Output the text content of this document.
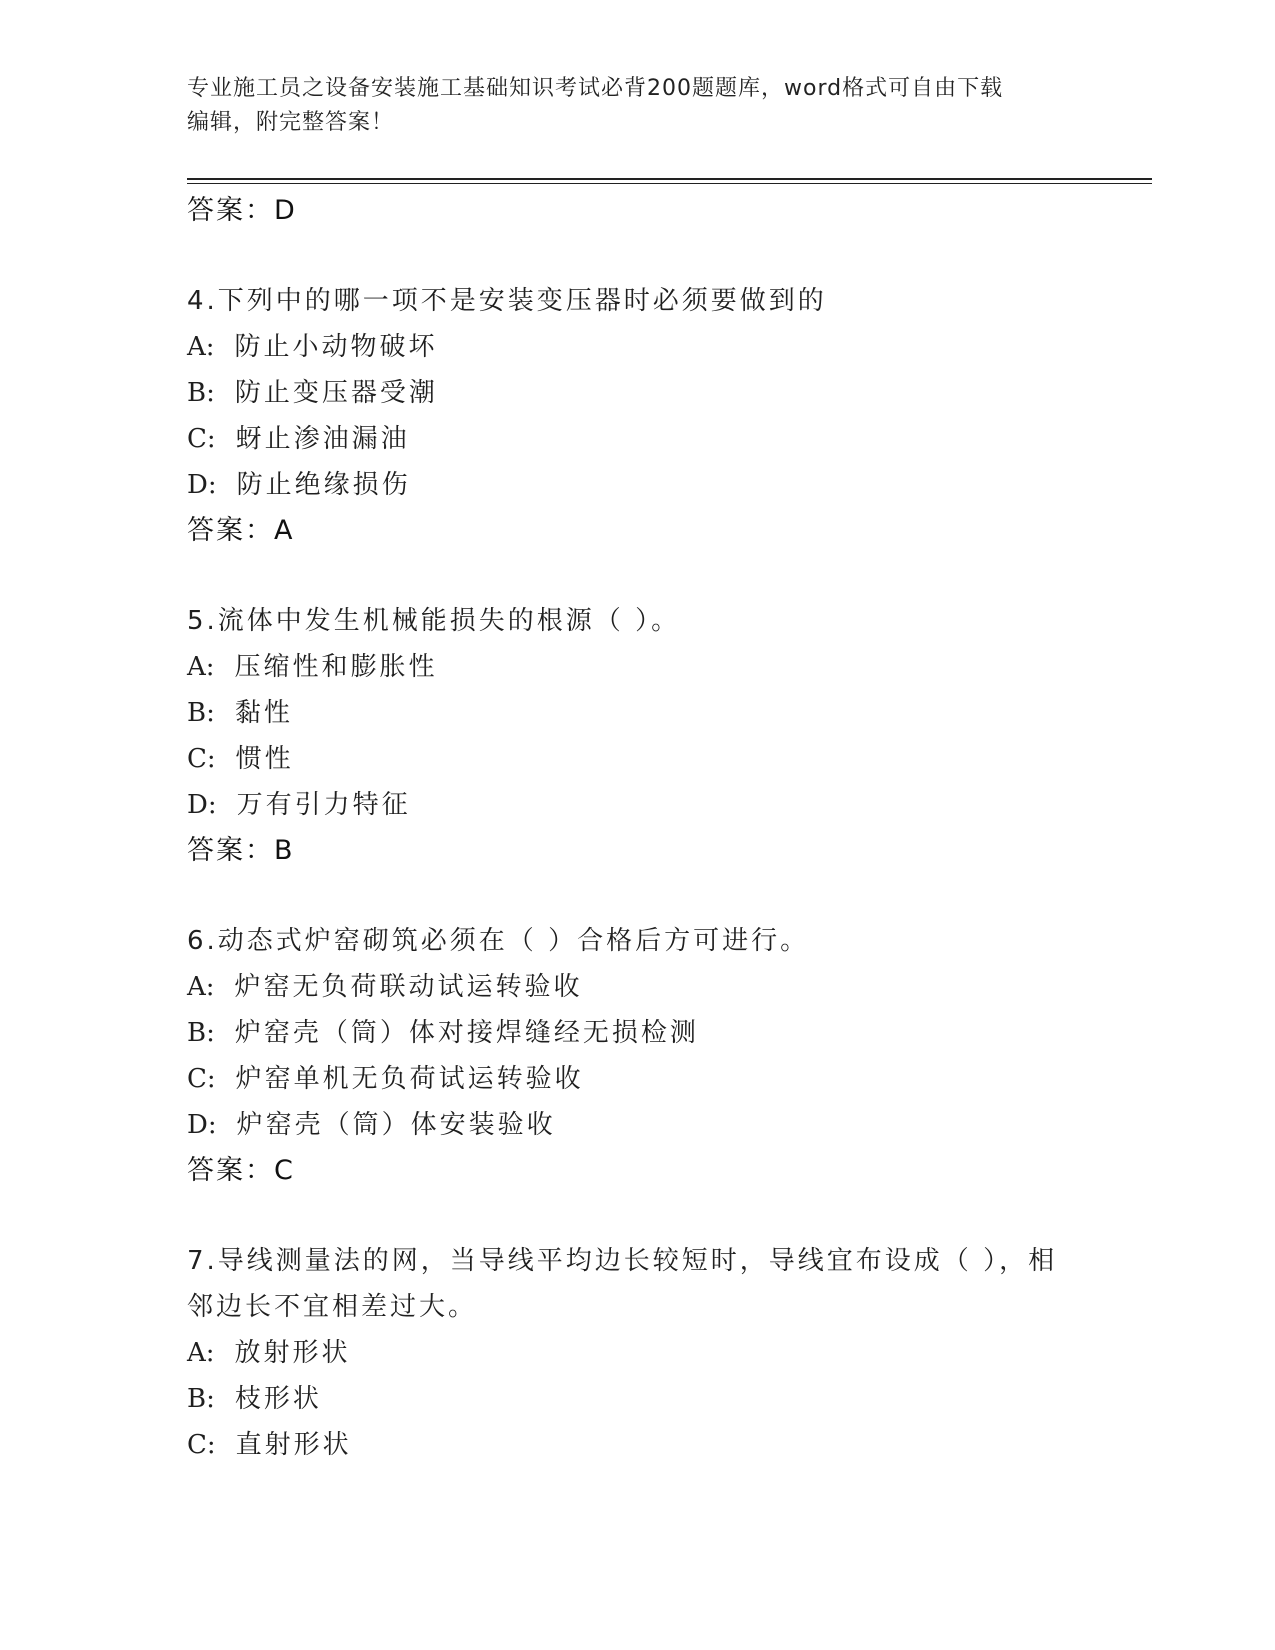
专业施工员之设备安装施工基础知识考试必背200题题库，word格式可自由下载
编辑，附完整答案！
答案：D
4.下列中的哪一项不是安装变压器时必须要做到的
A: 防止小动物破坏
B: 防止变压器受潮
C: 蚜止渗油漏油
D: 防止绝缘损伤
答案：A
5.流体中发生机械能损失的根源（ ）。
A: 压缩性和膨胀性
B: 黏性
C: 惯性
D: 万有引力特征
答案：B
6.动态式炉窑砌筑必须在（ ）合格后方可进行。
A: 炉窑无负荷联动试运转验收
B: 炉窑壳（筒）体对接焊缝经无损检测
C: 炉窑单机无负荷试运转验收
D: 炉窑壳（筒）体安装验收
答案：C
7.导线测量法的网，当导线平均边长较短时，导线宜布设成（ ），相
邻边长不宜相差过大。
A: 放射形状
B: 枝形状
C: 直射形状
